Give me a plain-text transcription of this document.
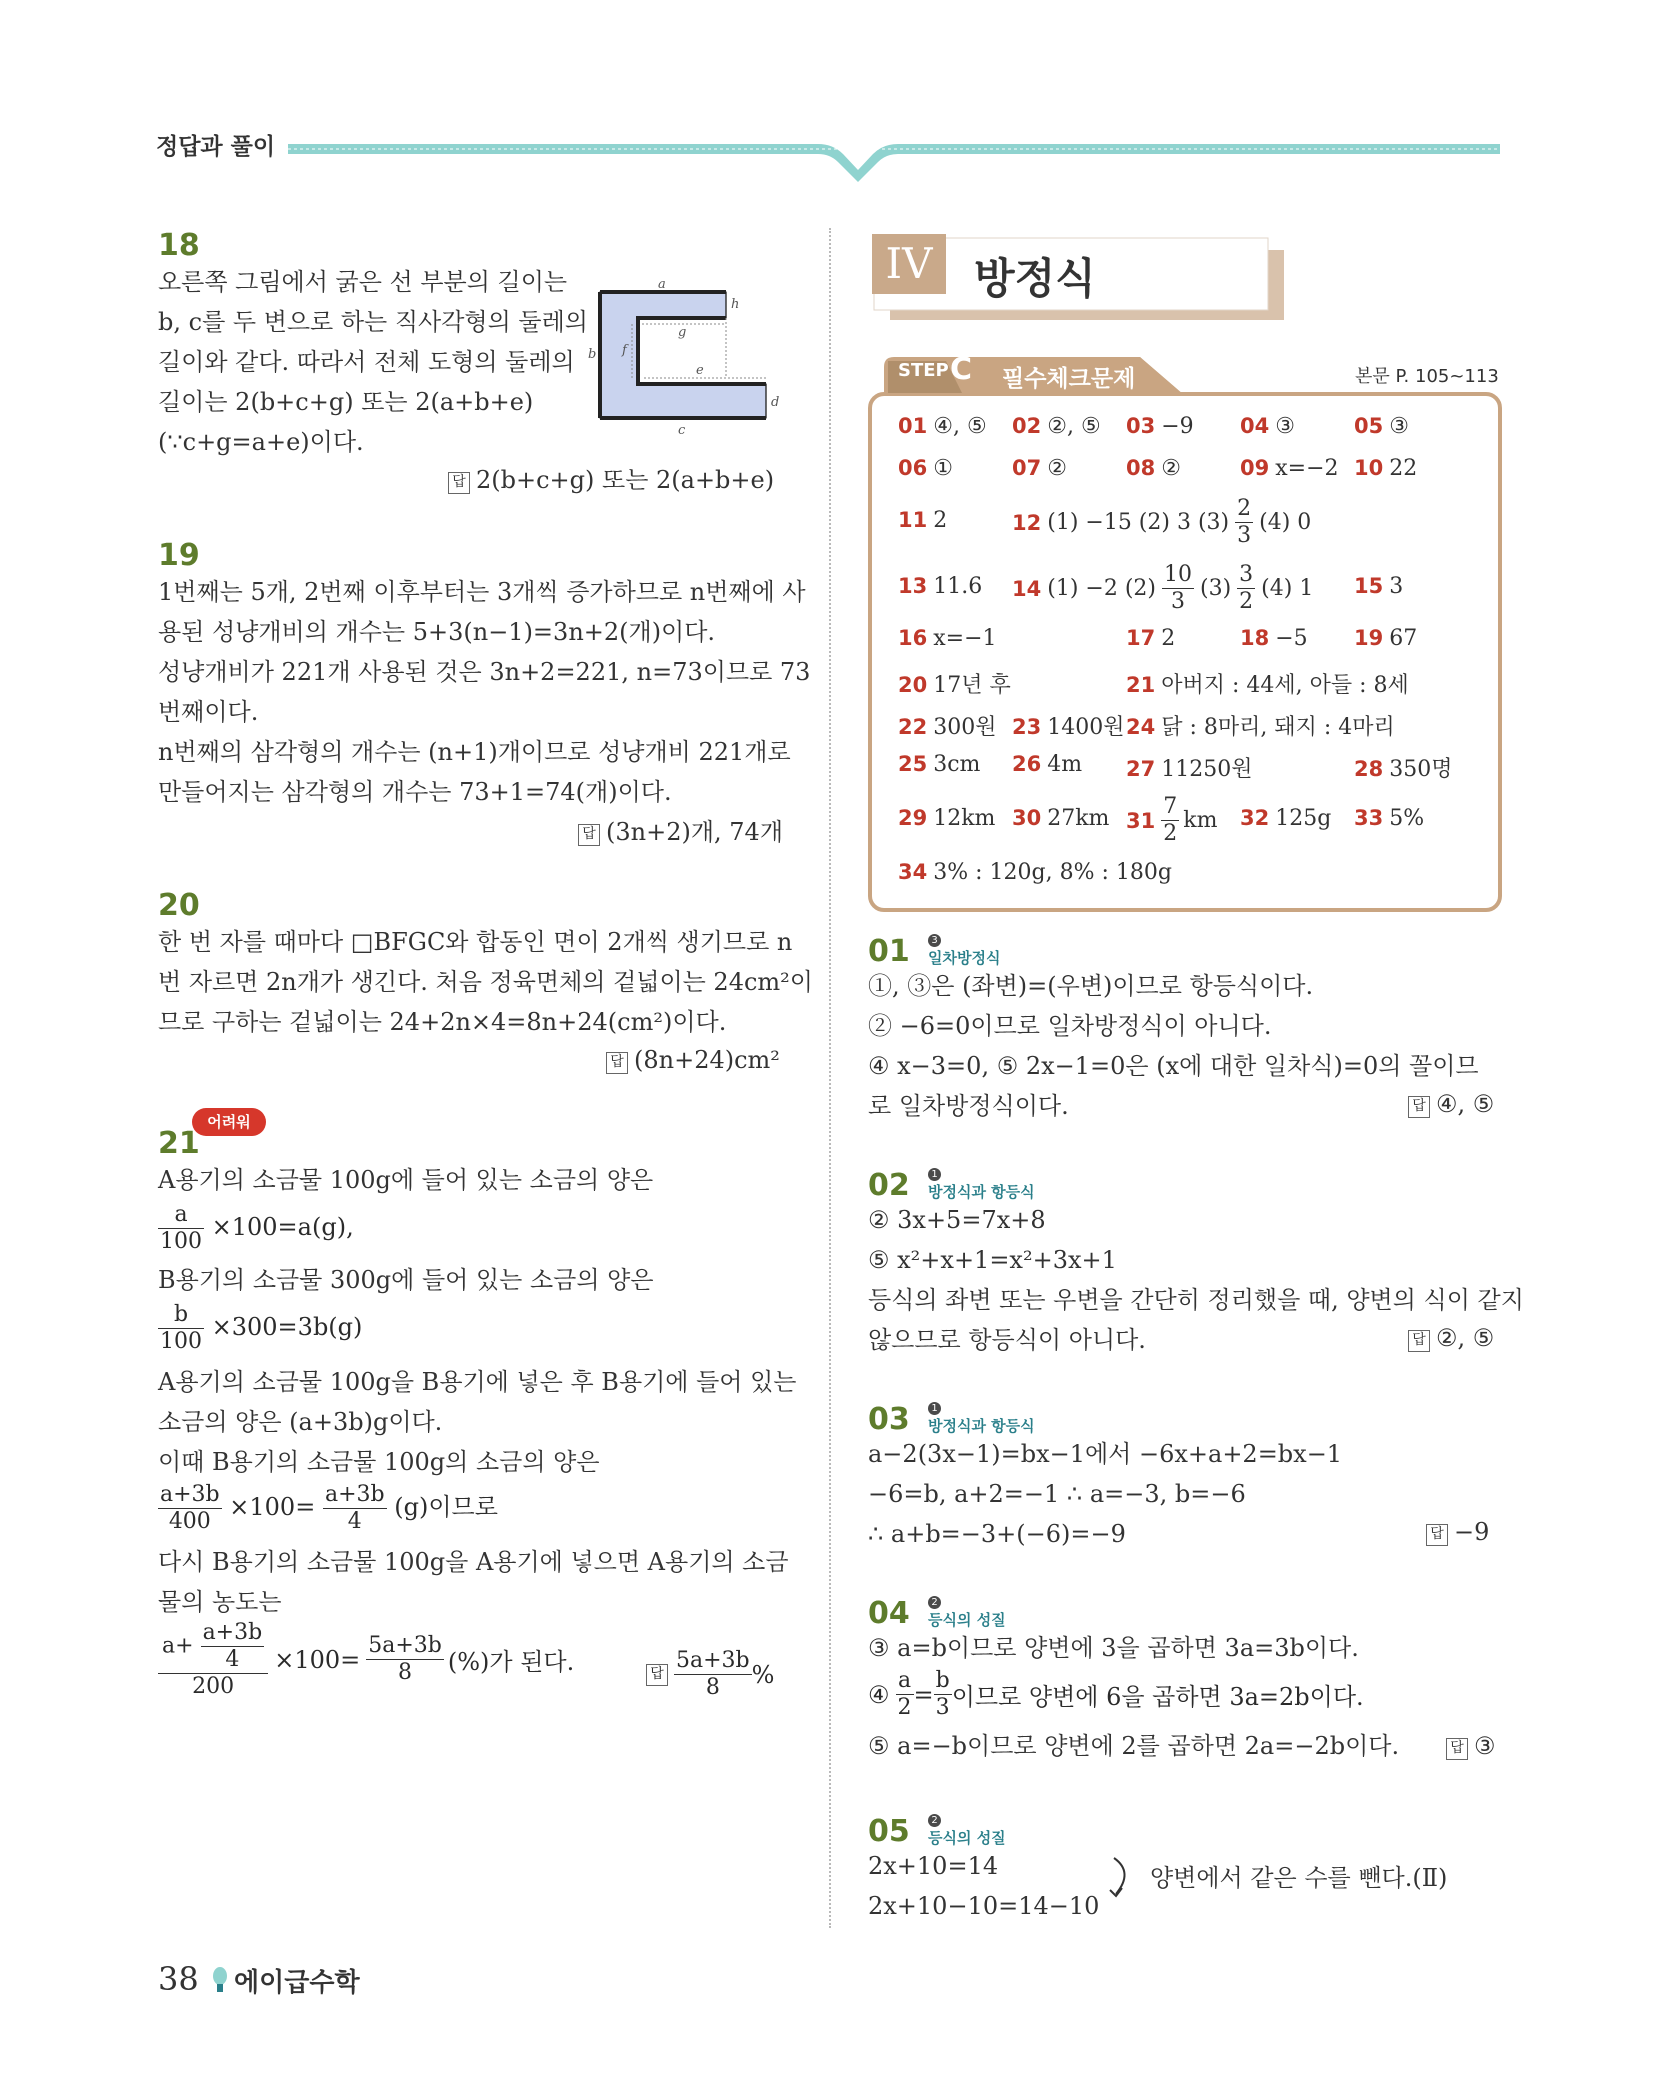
정답과 풀이
18
오른쪽 그림에서 굵은 선 부분의 길이는
b, c를 두 변으로 하는 직사각형의 둘레의
길이와 같다. 따라서 전체 도형의 둘레의
길이는 2(b+c+g) 또는 2(a+b+e)
(∵c+g=a+e)이다.
a
b
c
d
e
f
g
h
답 2(b+c+g) 또는 2(a+b+e)
19
1번째는 5개, 2번째 이후부터는 3개씩 증가하므로 n번째에 사
용된 성냥개비의 개수는 5+3(n−1)=3n+2(개)이다.
성냥개비가 221개 사용된 것은 3n+2=221, n=73이므로 73
번째이다.
n번째의 삼각형의 개수는 (n+1)개이므로 성냥개비 221개로
만들어지는 삼각형의 개수는 73+1=74(개)이다.
답 (3n+2)개, 74개
20
한 번 자를 때마다 □BFGC와 합동인 면이 2개씩 생기므로 n
번 자르면 2n개가 생긴다. 처음 정육면체의 겉넓이는 24cm²이
므로 구하는 겉넓이는 24+2n×4=8n+24(cm²)이다.
답 (8n+24)cm²
어려워
21
A용기의 소금물 100g에 들어 있는 소금의 양은
$\frac{a}{100} \times 100=a(g)$,
B용기의 소금물 300g에 들어 있는 소금의 양은
$\frac{b}{100} \times 300=3b(g)$
A용기의 소금물 100g을 B용기에 넣은 후 B용기에 들어 있는
소금의 양은 (a+3b)g이다.
이때 B용기의 소금물 100g의 소금의 양은
$\frac{a+3b}{400} \times 100= \frac{a+3b}{4} (g)$이므로
다시 B용기의 소금물 100g을 A용기에 넣으면 A용기의 소금
물의 농도는
$\frac{a+ \frac{a+3b}{4}}{200} \times 100= \frac{5a+3b}{8}$ (%)가 된다.	답 $\frac{5a+3b}{8}$ %
IV 방정식
STEP C 필수체크문제	본문 P. 105~113
01 ④, ⑤ 02 ②, ⑤ 03 −9 04 ③	05 ③
06 ①	07 ②	08 ②	09 x=−2 10 22
11 2	12 (1) −15 (2) 3 $(3) \frac{2}{3} (4)$ 0
13 11.6 14 (1) −2 $(2) \frac{10}{3} (3) \frac{3}{2} (4)$ 1 15 3
16 x=−1	17 2	18 −5 19 67
20 17년 후	21 아버지 : 44세, 아들 : 8세
22 300원 23 1400원 24 닭 : 8마리, 돼지 : 4마리
25 3cm 26 4m 27 11250원	28 350명
29 12km 30 27km $31 \frac{7}{2}$ km 32 125g 33 5%
34 3% : 120g, 8% : 180g
01	3
일차방정식
①, ③은 (좌변)=(우변)이므로 항등식이다.
② −6=0이므로 일차방정식이 아니다.
④ x−3=0, ⑤ 2x−1=0은 (x에 대한 일차식)=0의 꼴이므
로 일차방정식이다.	답 ④, ⑤
02	1
방정식과 항등식
② 3x+5=7x+8
⑤ x²+x+1=x²+3x+1
등식의 좌변 또는 우변을 간단히 정리했을 때, 양변의 식이 같지
않으므로 항등식이 아니다.	답 ②, ⑤
03	1
방정식과 항등식
a−2(3x−1)=bx−1에서 −6x+a+2=bx−1
−6=b, a+2=−1 ∴ a=−3, b=−6
∴ a+b=−3+(−6)=−9	답 −9
04	2
등식의 성질
③ a=b이므로 양변에 3을 곱하면 3a=3b이다.
④ $\frac{a}{2} = \frac{b}{3}$ 이므로 양변에 6을 곱하면 3a=2b이다.
⑤ a=−b이므로 양변에 2를 곱하면 2a=−2b이다.	답 ③
05	2
등식의 성질
2x+10=14
2x+10−10=14−10
양변에서 같은 수를 뺀다.(Ⅱ)
38 에이급수학
